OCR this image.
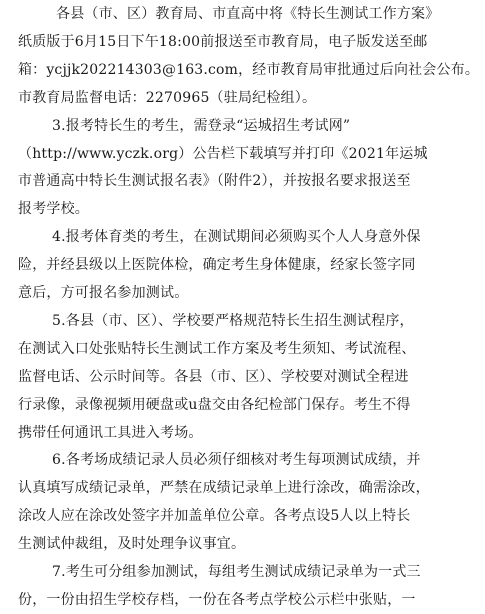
各县（市、区）教育局、市直高中将《特长生测试工作方案》
纸质版于6月15日下午18:00前报送至市教育局，电子版发送至邮
箱：ycjjk202214303@163.com，经市教育局审批通过后向社会公布。
市教育局监督电话：2270965（驻局纪检组）。
3.报考特长生的考生，需登录“运城招生考试网”
（http://www.yczk.org）公告栏下载填写并打印《2021年运城
市普通高中特长生测试报名表》（附件2），并按报名要求报送至
报考学校。
4.报考体育类的考生，在测试期间必须购买个人人身意外保
险，并经县级以上医院体检，确定考生身体健康，经家长签字同
意后，方可报名参加测试。
5.各县（市、区）、学校要严格规范特长生招生测试程序，
在测试入口处张贴特长生测试工作方案及考生须知、考试流程、
监督电话、公示时间等。各县（市、区）、学校要对测试全程进
行录像，录像视频用硬盘或u盘交由各纪检部门保存。考生不得
携带任何通讯工具进入考场。
6.各考场成绩记录人员必须仔细核对考生每项测试成绩，并
认真填写成绩记录单，严禁在成绩记录单上进行涂改，确需涂改，
涂改人应在涂改处签字并加盖单位公章。各考点设5人以上特长
生测试仲裁组，及时处理争议事宜。
7.考生可分组参加测试，每组考生测试成绩记录单为一式三
份，一份由招生学校存档，一份在各考点学校公示栏中张贴，一
